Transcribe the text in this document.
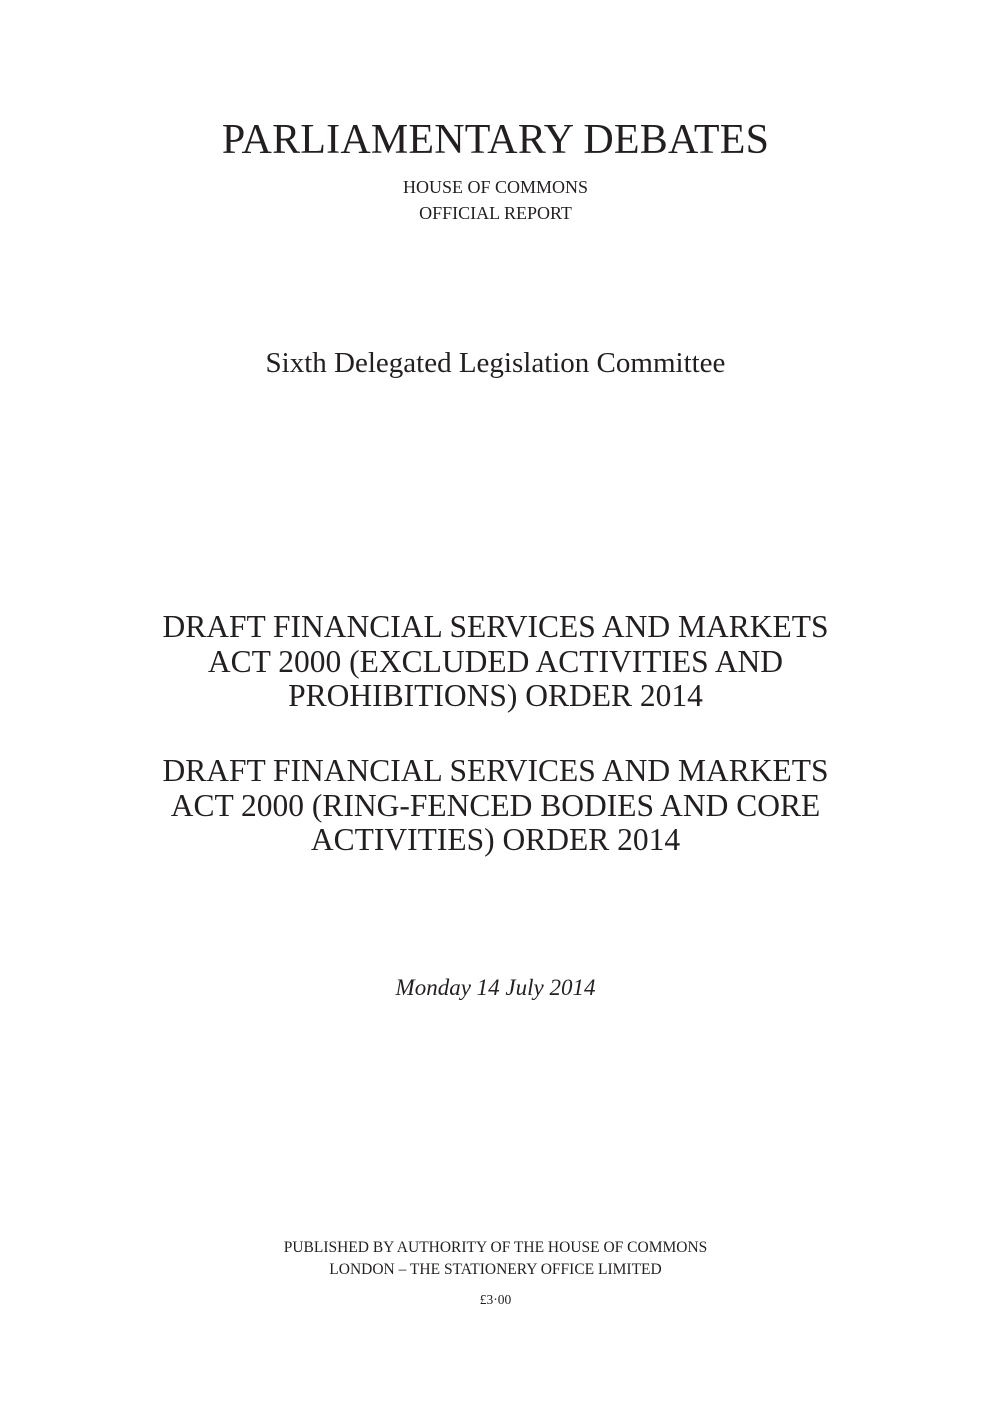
PARLIAMENTARY DEBATES
HOUSE OF COMMONS
OFFICIAL REPORT
Sixth Delegated Legislation Committee
DRAFT FINANCIAL SERVICES AND MARKETS
ACT 2000 (EXCLUDED ACTIVITIES AND
PROHIBITIONS) ORDER 2014
DRAFT FINANCIAL SERVICES AND MARKETS
ACT 2000 (RING-FENCED BODIES AND CORE
ACTIVITIES) ORDER 2014
Monday 14 July 2014
PUBLISHED BY AUTHORITY OF THE HOUSE OF COMMONS
LONDON – THE STATIONERY OFFICE LIMITED
£3·00
